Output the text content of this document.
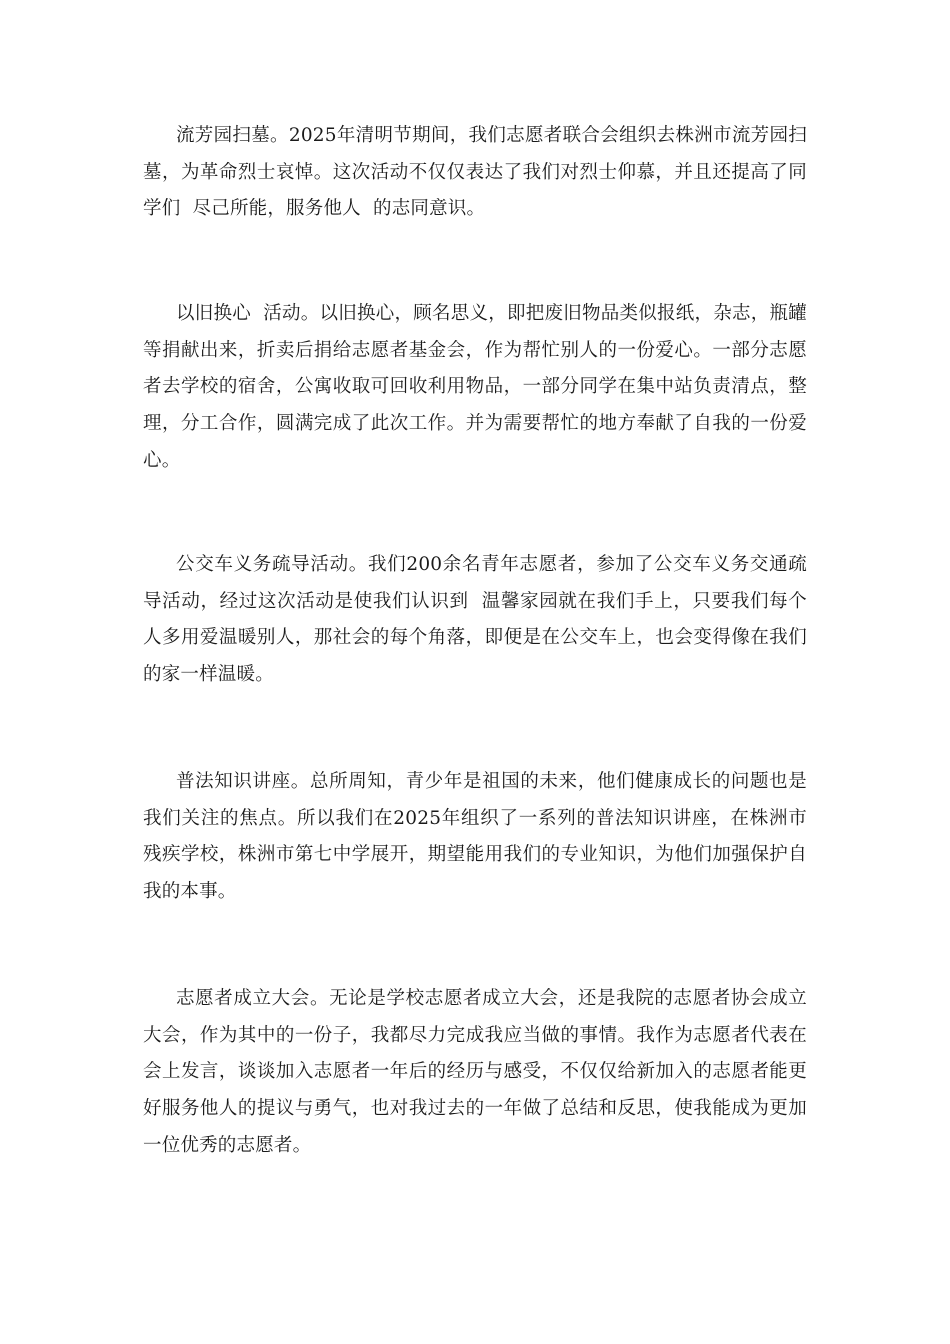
流芳园扫墓。2025年清明节期间，我们志愿者联合会组织去株洲市流芳园扫墓，为革命烈士哀悼。这次活动不仅仅表达了我们对烈士仰慕，并且还提高了同学们  尽己所能，服务他人  的志同意识。

以旧换心  活动。以旧换心，顾名思义，即把废旧物品类似报纸，杂志，瓶罐等捐献出来，折卖后捐给志愿者基金会，作为帮忙别人的一份爱心。一部分志愿者去学校的宿舍，公寓收取可回收利用物品，一部分同学在集中站负责清点，整理，分工合作，圆满完成了此次工作。并为需要帮忙的地方奉献了自我的一份爱心。

公交车义务疏导活动。我们200余名青年志愿者，参加了公交车义务交通疏导活动，经过这次活动是使我们认识到  温馨家园就在我们手上，只要我们每个人多用爱温暖别人，那社会的每个角落，即便是在公交车上，也会变得像在我们的家一样温暖。

普法知识讲座。总所周知，青少年是祖国的未来，他们健康成长的问题也是我们关注的焦点。所以我们在2025年组织了一系列的普法知识讲座，在株洲市残疾学校，株洲市第七中学展开，期望能用我们的专业知识，为他们加强保护自我的本事。

志愿者成立大会。无论是学校志愿者成立大会，还是我院的志愿者协会成立大会，作为其中的一份子，我都尽力完成我应当做的事情。我作为志愿者代表在会上发言，谈谈加入志愿者一年后的经历与感受，不仅仅给新加入的志愿者能更好服务他人的提议与勇气，也对我过去的一年做了总结和反思，使我能成为更加一位优秀的志愿者。
